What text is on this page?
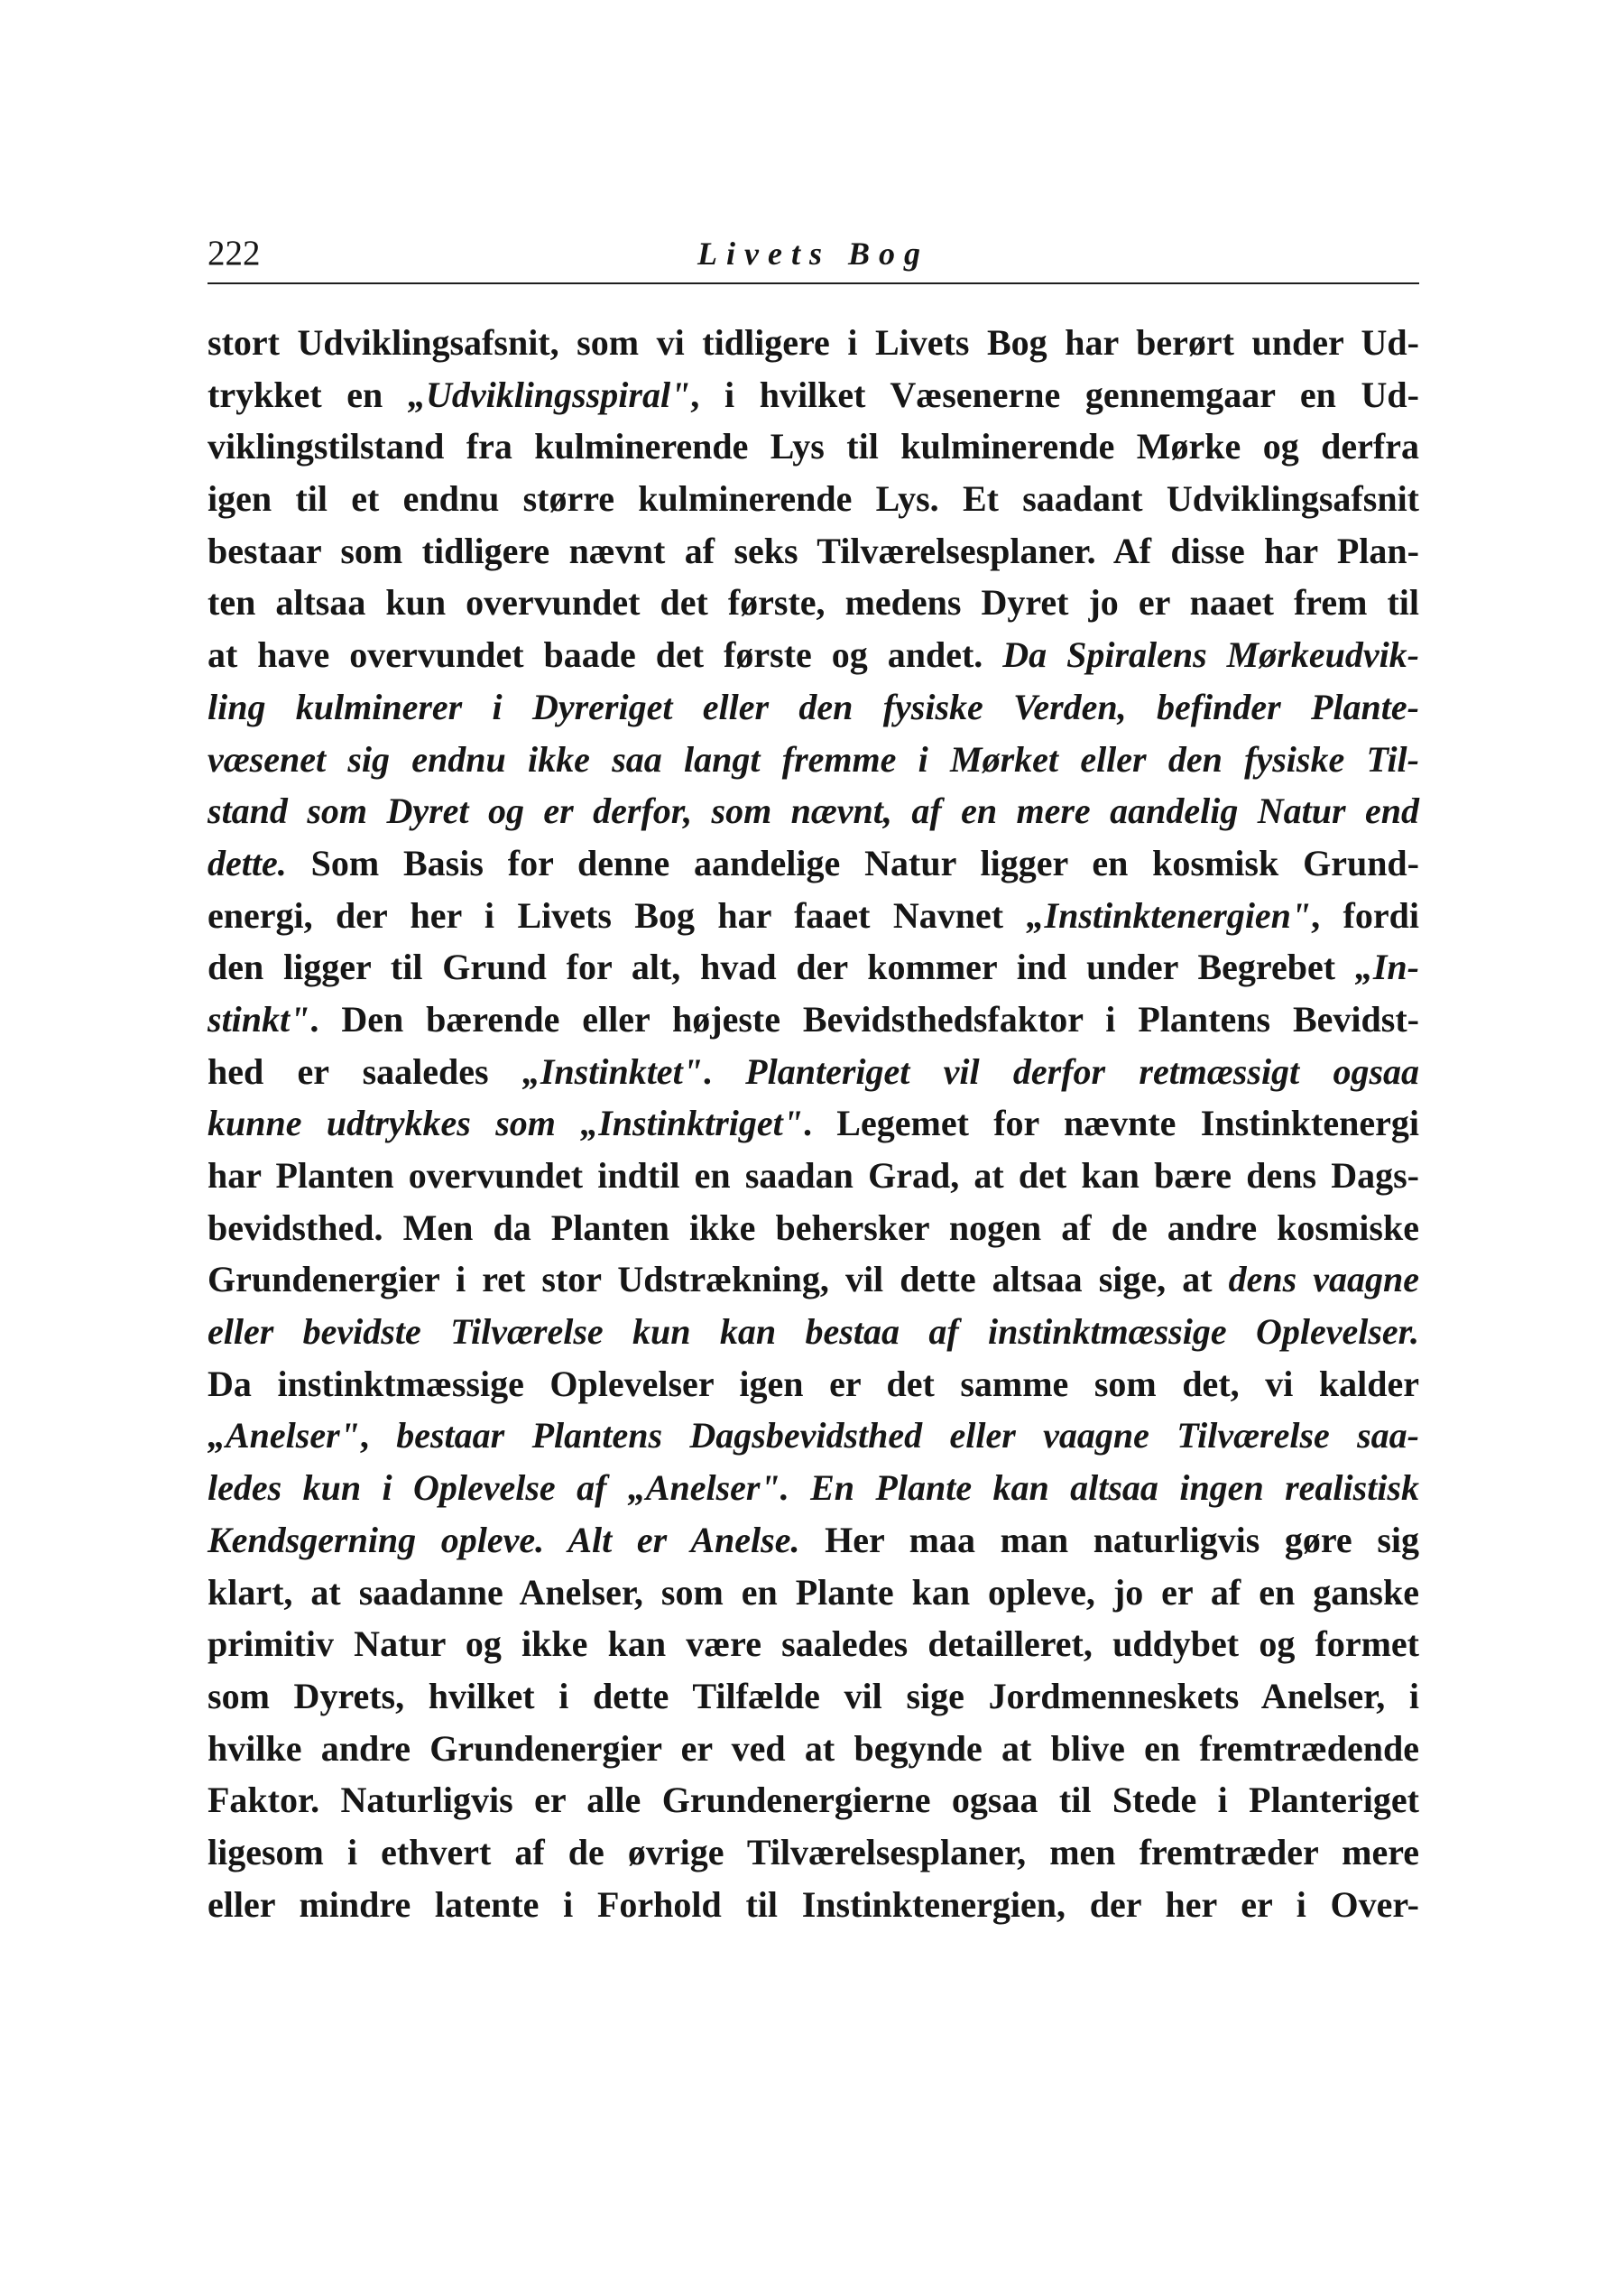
222	Livets Bog
stort Udviklingsafsnit, som vi tidligere i Livets Bog har berørt under Ud-
trykket en „Udviklingsspiral", i hvilket Væsenerne gennemgaar en Ud-
viklingstilstand fra kulminerende Lys til kulminerende Mørke og derfra
igen til et endnu større kulminerende Lys. Et saadant Udviklingsafsnit
bestaar som tidligere nævnt af seks Tilværelsesplaner. Af disse har Plan-
ten altsaa kun overvundet det første, medens Dyret jo er naaet frem til
at have overvundet baade det første og andet. Da Spiralens Mørkeudvik-
ling kulminerer i Dyreriget eller den fysiske Verden, befinder Plante-
væsenet sig endnu ikke saa langt fremme i Mørket eller den fysiske Til-
stand som Dyret og er derfor, som nævnt, af en mere aandelig Natur end
dette. Som Basis for denne aandelige Natur ligger en kosmisk Grund-
energi, der her i Livets Bog har faaet Navnet „Instinktenergien", fordi
den ligger til Grund for alt, hvad der kommer ind under Begrebet „In-
stinkt". Den bærende eller højeste Bevidsthedsfaktor i Plantens Bevidst-
hed er saaledes „Instinktet". Planteriget vil derfor retmæssigt ogsaa
kunne udtrykkes som „Instinktriget". Legemet for nævnte Instinktenergi
har Planten overvundet indtil en saadan Grad, at det kan bære dens Dags-
bevidsthed. Men da Planten ikke behersker nogen af de andre kosmiske
Grundenergier i ret stor Udstrækning, vil dette altsaa sige, at dens vaagne
eller bevidste Tilværelse kun kan bestaa af instinktmæssige Oplevelser.
Da instinktmæssige Oplevelser igen er det samme som det, vi kalder
„Anelser", bestaar Plantens Dagsbevidsthed eller vaagne Tilværelse saa-
ledes kun i Oplevelse af „Anelser". En Plante kan altsaa ingen realistisk
Kendsgerning opleve. Alt er Anelse. Her maa man naturligvis gøre sig
klart, at saadanne Anelser, som en Plante kan opleve, jo er af en ganske
primitiv Natur og ikke kan være saaledes detailleret, uddybet og formet
som Dyrets, hvilket i dette Tilfælde vil sige Jordmenneskets Anelser, i
hvilke andre Grundenergier er ved at begynde at blive en fremtrædende
Faktor. Naturligvis er alle Grundenergierne ogsaa til Stede i Planteriget
ligesom i ethvert af de øvrige Tilværelsesplaner, men fremtræder mere
eller mindre latente i Forhold til Instinktenergien, der her er i Over-
